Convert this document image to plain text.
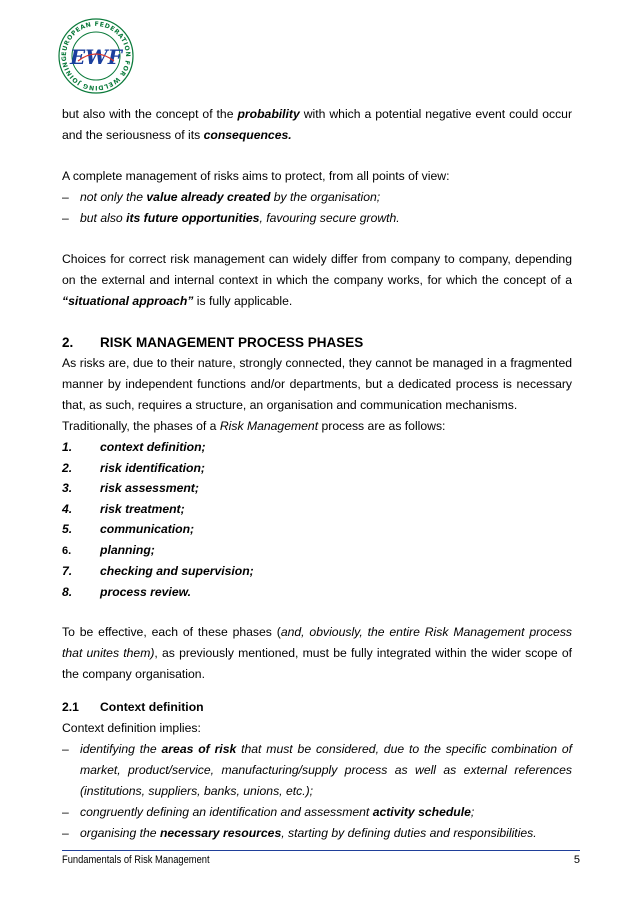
EUROPEAN FEDERATION FOR WELDING JOINING EWF

but also with the concept of the probability with which a potential negative event could occur and the seriousness of its consequences.

A complete management of risks aims to protect, from all points of view:

– not only the value already created by the organisation;
– but also its future opportunities, favouring secure growth.

Choices for correct risk management can widely differ from company to company, depending on the external and internal context in which the company works, for which the concept of a “situational approach” is fully applicable.

2. RISK MANAGEMENT PROCESS PHASES

As risks are, due to their nature, strongly connected, they cannot be managed in a fragmented manner by independent functions and/or departments, but a dedicated process is necessary that, as such, requires a structure, an organisation and communication mechanisms.

Traditionally, the phases of a Risk Management process are as follows:

1. context definition;
2. risk identification;
3. risk assessment;
4. risk treatment;
5. communication;
6. planning;
7. checking and supervision;
8. process review.

To be effective, each of these phases (and, obviously, the entire Risk Management process that unites them), as previously mentioned, must be fully integrated within the wider scope of the company organisation.

2.1 Context definition

Context definition implies:

– identifying the areas of risk that must be considered, due to the specific combination of market, product/service, manufacturing/supply process as well as external references (institutions, suppliers, banks, unions, etc.);
– congruently defining an identification and assessment activity schedule;
– organising the necessary resources, starting by defining duties and responsibilities.
Fundamentals of Risk Management	5
